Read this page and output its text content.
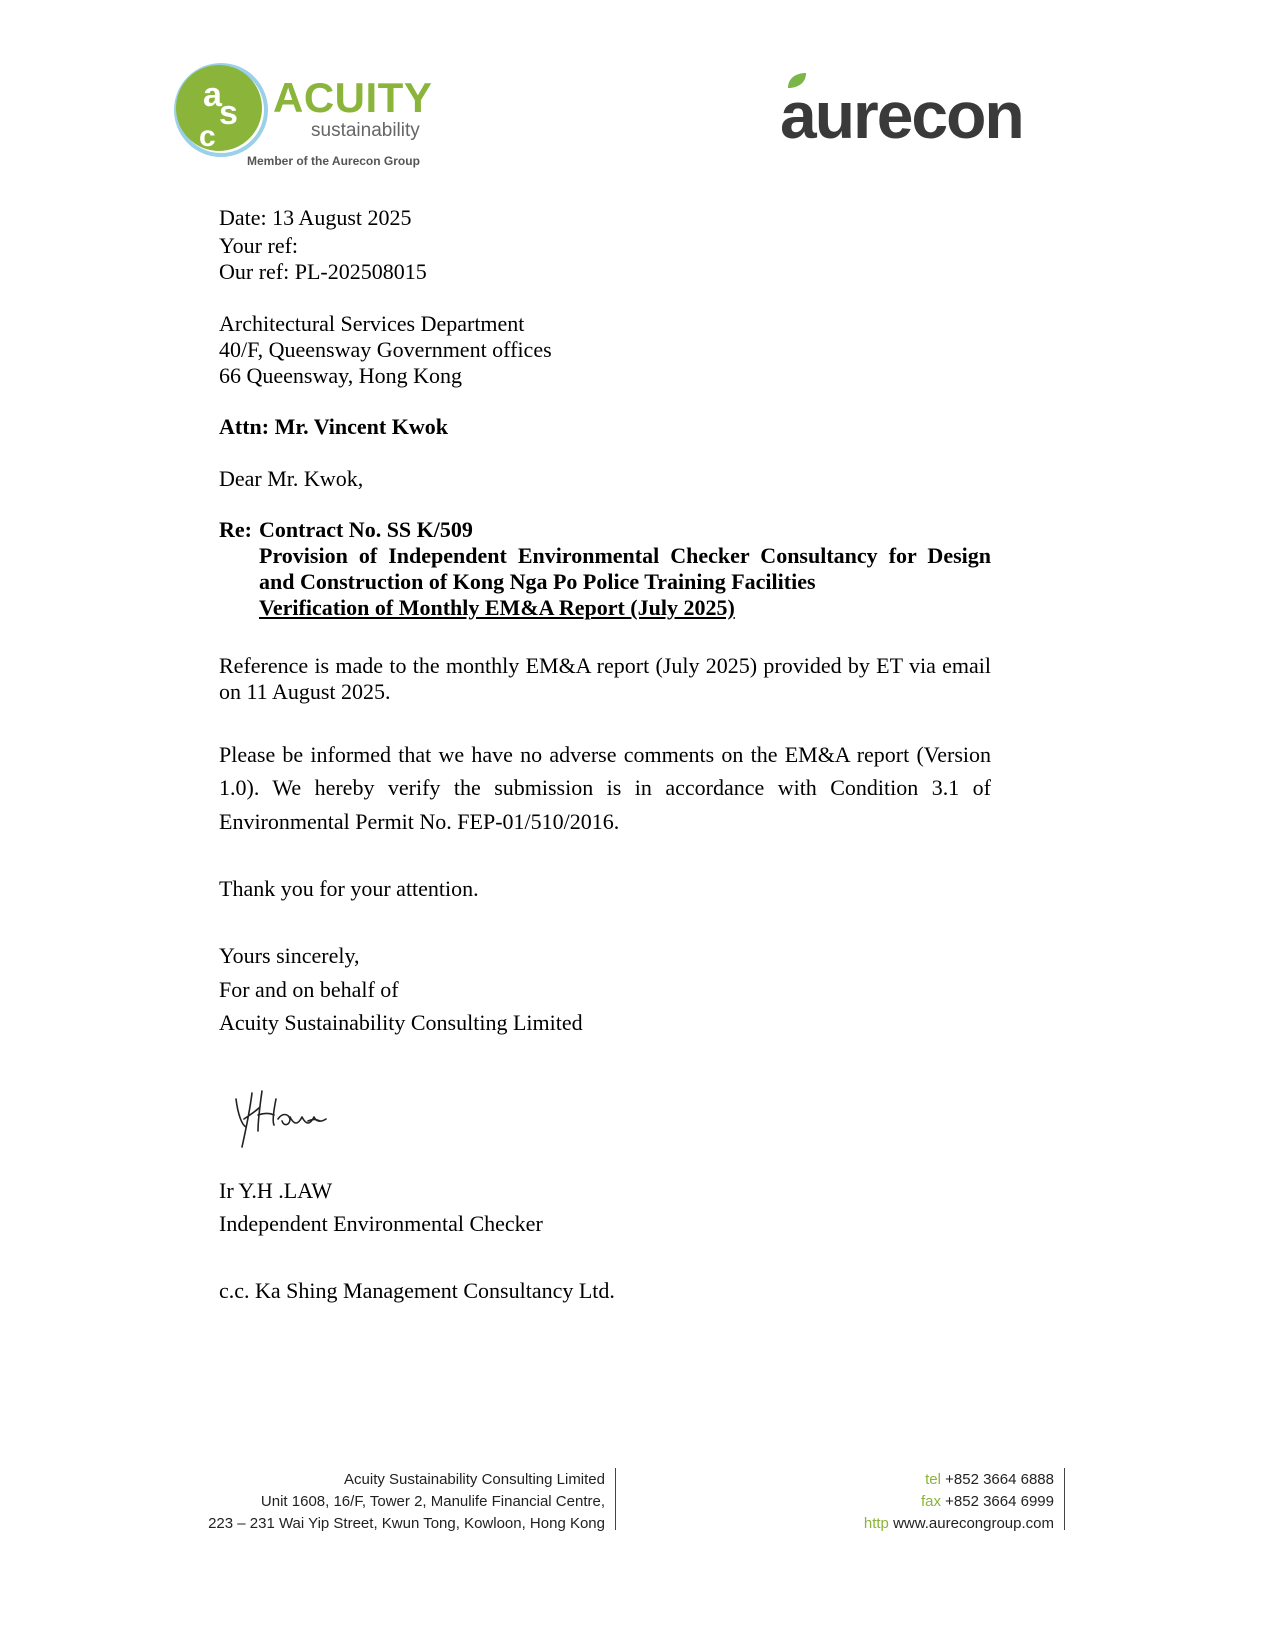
a
s
c
ACUITY
sustainability
Member of the Aurecon Group
aurecon
Date: 13 August 2025
Your ref:
Our ref: PL-202508015
Architectural Services Department
40/F, Queensway Government offices
66 Queensway, Hong Kong
Attn: Mr. Vincent Kwok
Dear Mr. Kwok,
Re: Contract No. SS K/509
Provision of Independent Environmental Checker Consultancy for Design
and Construction of Kong Nga Po Police Training Facilities
Verification of Monthly EM&A Report (July 2025)
Reference is made to the monthly EM&A report (July 2025) provided by ET via email
on 11 August 2025.
Please be informed that we have no adverse comments on the EM&A report (Version
1.0). We hereby verify the submission is in accordance with Condition 3.1 of
Environmental Permit No. FEP-01/510/2016.
Thank you for your attention.
Yours sincerely,
For and on behalf of
Acuity Sustainability Consulting Limited
Ir Y.H .LAW
Independent Environmental Checker
c.c. Ka Shing Management Consultancy Ltd.
Acuity Sustainability Consulting Limited
Unit 1608, 16/F, Tower 2, Manulife Financial Centre,
223 – 231 Wai Yip Street, Kwun Tong, Kowloon, Hong Kong
tel +852 3664 6888
fax +852 3664 6999
http www.aurecongroup.com
